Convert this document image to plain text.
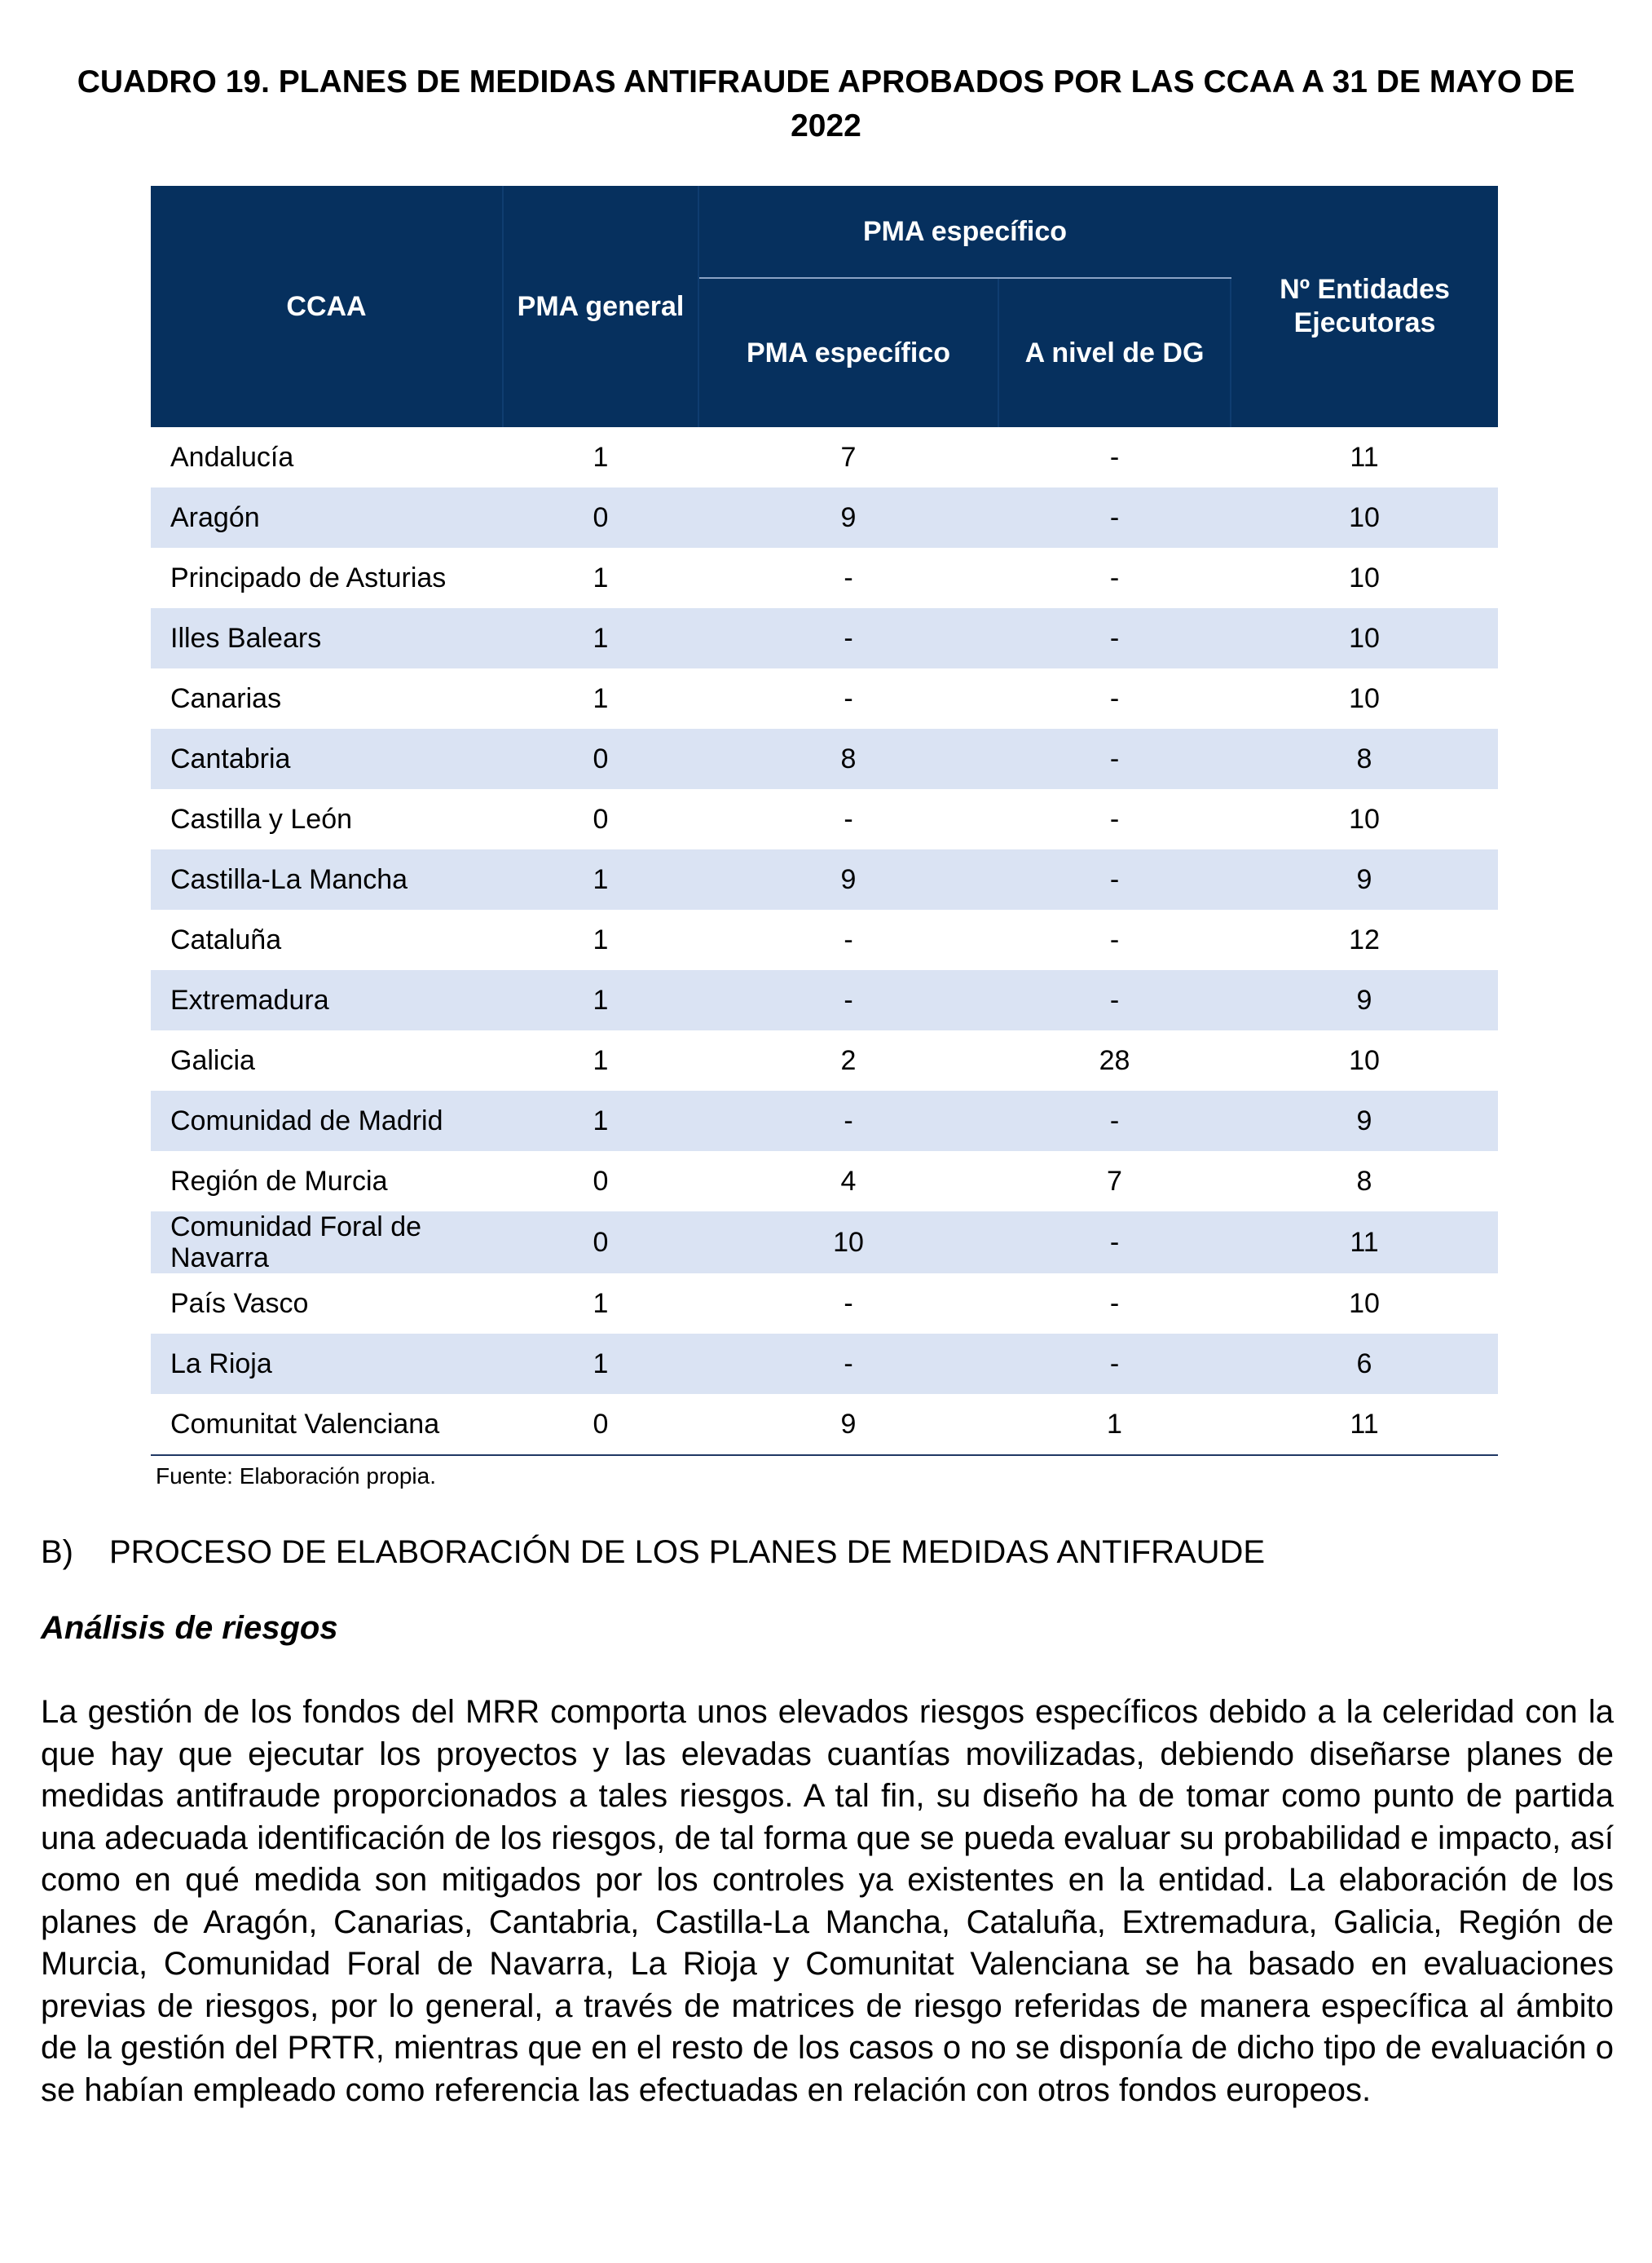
CUADRO 19. PLANES DE MEDIDAS ANTIFRAUDE APROBADOS POR LAS CCAA A 31 DE MAYO DE 2022
CCAA	PMA general	PMA específico		Nº Entidades Ejecutoras
		PMA específico	A nivel de DG	
Andalucía	1	7	-	11
Aragón	0	9	-	10
Principado de Asturias	1	-	-	10
Illes Balears	1	-	-	10
Canarias	1	-	-	10
Cantabria	0	8	-	8
Castilla y León	0	-	-	10
Castilla-La Mancha	1	9	-	9
Cataluña	1	-	-	12
Extremadura	1	-	-	9
Galicia	1	2	28	10
Comunidad de Madrid	1	-	-	9
Región de Murcia	0	4	7	8
Comunidad Foral de Navarra	0	10	-	11
País Vasco	1	-	-	10
La Rioja	1	-	-	6
Comunitat Valenciana	0	9	1	11
Fuente: Elaboración propia.
B) PROCESO DE ELABORACIÓN DE LOS PLANES DE MEDIDAS ANTIFRAUDE
Análisis de riesgos

La gestión de los fondos del MRR comporta unos elevados riesgos específicos debido a la celeridad con la que hay que ejecutar los proyectos y las elevadas cuantías movilizadas, debiendo diseñarse planes de medidas antifraude proporcionados a tales riesgos. A tal fin, su diseño ha de tomar como punto de partida una adecuada identificación de los riesgos, de tal forma que se pueda evaluar su probabilidad e impacto, así como en qué medida son mitigados por los controles ya existentes en la entidad. La elaboración de los planes de Aragón, Canarias, Cantabria, Castilla-La Mancha, Cataluña, Extremadura, Galicia, Región de Murcia, Comunidad Foral de Navarra, La Rioja y Comunitat Valenciana se ha basado en evaluaciones previas de riesgos, por lo general, a través de matrices de riesgo referidas de manera específica al ámbito de la gestión del PRTR, mientras que en el resto de los casos o no se disponía de dicho tipo de evaluación o se habían empleado como referencia las efectuadas en relación con otros fondos europeos.
